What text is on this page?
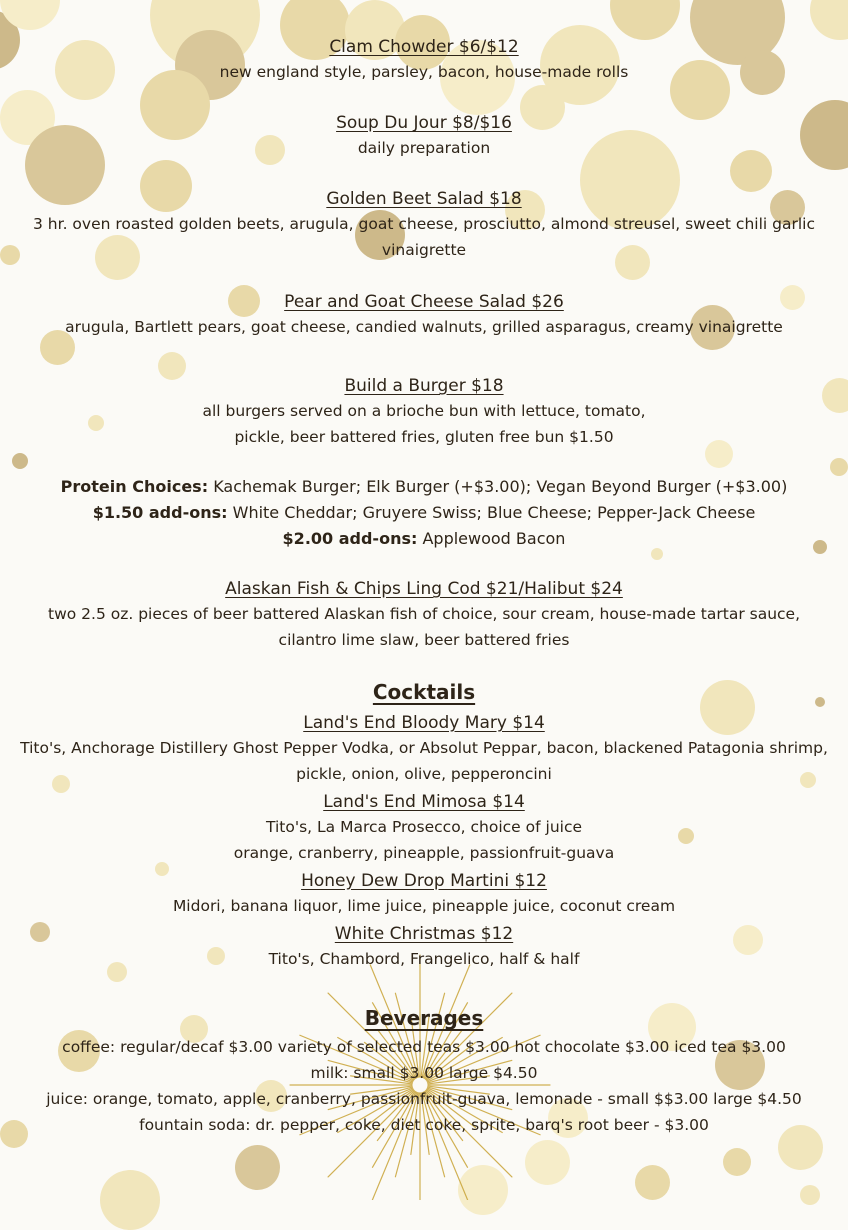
Clam Chowder $6/$12
new england style, parsley, bacon, house-made rolls
Soup Du Jour $8/$16
daily preparation
Golden Beet Salad $18
3 hr. oven roasted golden beets, arugula, goat cheese, prosciutto, almond streusel, sweet chili garlic
vinaigrette
Pear and Goat Cheese Salad $26
arugula, Bartlett pears, goat cheese, candied walnuts, grilled asparagus, creamy vinaigrette
Build a Burger $18
all burgers served on a brioche bun with lettuce, tomato,
pickle, beer battered fries, gluten free bun $1.50
Protein Choices: Kachemak Burger; Elk Burger (+$3.00); Vegan Beyond Burger (+$3.00)
$1.50 add-ons: White Cheddar; Gruyere Swiss; Blue Cheese; Pepper-Jack Cheese
$2.00 add-ons: Applewood Bacon
Alaskan Fish & Chips Ling Cod $21/Halibut $24
two 2.5 oz. pieces of beer battered Alaskan fish of choice, sour cream, house-made tartar sauce,
cilantro lime slaw, beer battered fries
Cocktails
Land's End Bloody Mary $14
Tito's, Anchorage Distillery Ghost Pepper Vodka, or Absolut Peppar, bacon, blackened Patagonia shrimp,
pickle, onion, olive, pepperoncini
Land's End Mimosa $14
Tito's, La Marca Prosecco, choice of juice
orange, cranberry, pineapple, passionfruit-guava
Honey Dew Drop Martini $12
Midori, banana liquor, lime juice, pineapple juice, coconut cream
White Christmas $12
Tito's, Chambord, Frangelico, half & half
Beverages
coffee: regular/decaf $3.00 variety of selected teas $3.00 hot chocolate $3.00 iced tea $3.00
milk: small $3.00 large $4.50
juice: orange, tomato, apple, cranberry, passionfruit-guava, lemonade - small $$3.00 large $4.50
fountain soda: dr. pepper, coke, diet coke, sprite, barq's root beer - $3.00
